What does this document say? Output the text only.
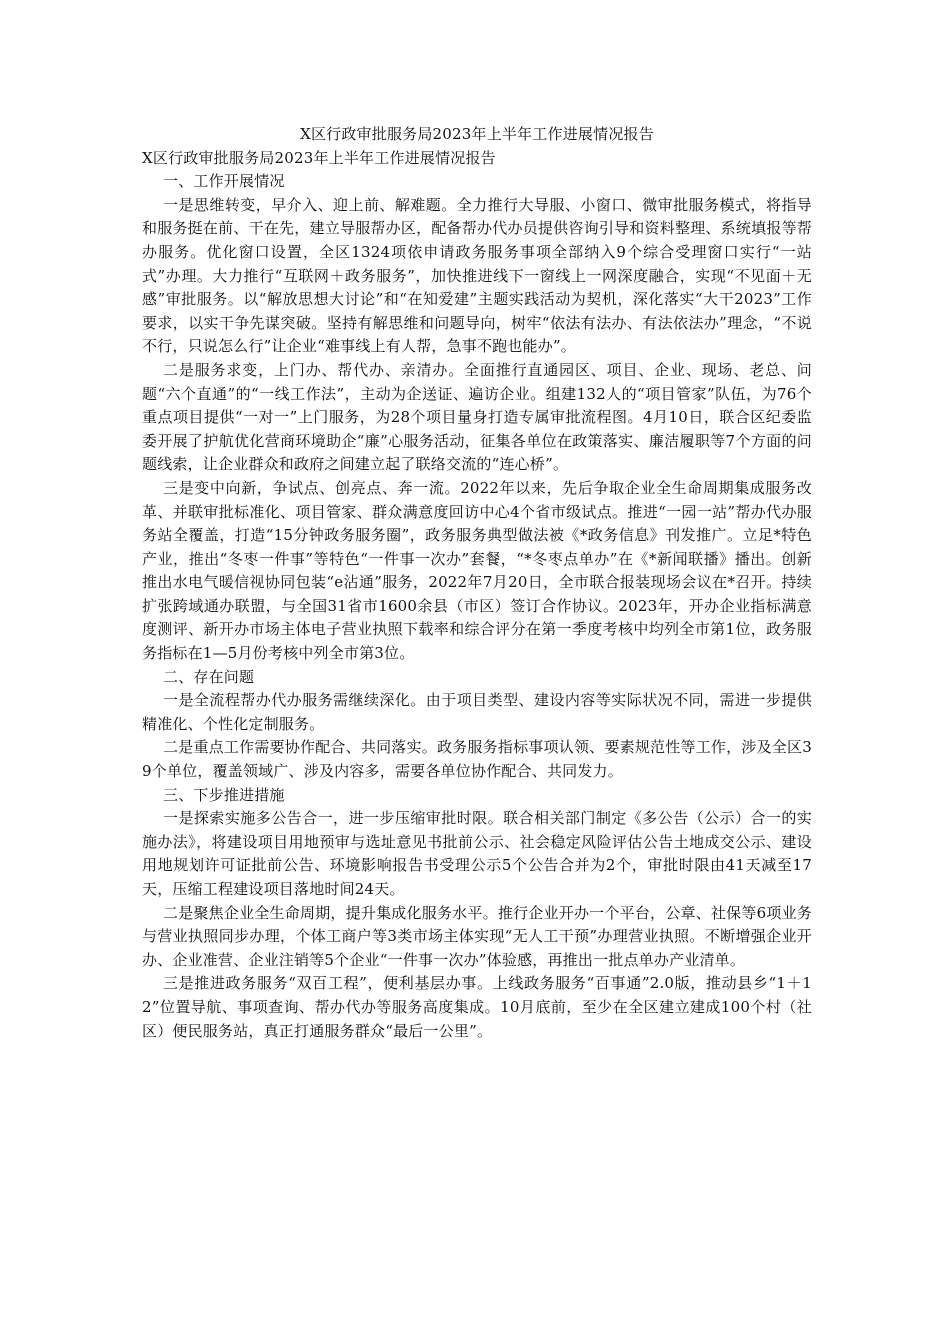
X区行政审批服务局2023年上半年工作进展情况报告

X区行政审批服务局2023年上半年工作进展情况报告

一、工作开展情况

一是思维转变，早介入、迎上前、解难题。全力推行大导服、小窗口、微审批服务模式，将指导和服务挺在前、干在先，建立导服帮办区，配备帮办代办员提供咨询引导和资料整理、系统填报等帮办服务。优化窗口设置，全区1324项依申请政务服务事项全部纳入9个综合受理窗口实行“一站式”办理。大力推行“互联网＋政务服务”，加快推进线下一窗线上一网深度融合，实现“不见面＋无感”审批服务。以“解放思想大讨论”和“在知爱建”主题实践活动为契机，深化落实“大干2023”工作要求，以实干争先谋突破。坚持有解思维和问题导向，树牢“依法有法办、有法依法办”理念，“不说不行，只说怎么行”让企业“难事线上有人帮，急事不跑也能办”。

二是服务求变，上门办、帮代办、亲清办。全面推行直通园区、项目、企业、现场、老总、问题“六个直通”的“一线工作法”，主动为企送证、遍访企业。组建132人的“项目管家”队伍，为76个重点项目提供“一对一”上门服务，为28个项目量身打造专属审批流程图。4月10日，联合区纪委监委开展了护航优化营商环境助企“廉”心服务活动，征集各单位在政策落实、廉洁履职等7个方面的问题线索，让企业群众和政府之间建立起了联络交流的“连心桥”。

三是变中向新，争试点、创亮点、奔一流。2022年以来，先后争取企业全生命周期集成服务改革、并联审批标准化、项目管家、群众满意度回访中心4个省市级试点。推进“一园一站”帮办代办服务站全覆盖，打造“15分钟政务服务圈”，政务服务典型做法被《*政务信息》刊发推广。立足*特色产业，推出“冬枣一件事”等特色“一件事一次办”套餐，“*冬枣点单办”在《*新闻联播》播出。创新推出水电气暖信视协同包装“e沾通”服务，2022年7月20日，全市联合报装现场会议在*召开。持续扩张跨域通办联盟，与全国31省市1600余县（市区）签订合作协议。2023年，开办企业指标满意度测评、新开办市场主体电子营业执照下载率和综合评分在第一季度考核中均列全市第1位，政务服务指标在1—5月份考核中列全市第3位。

二、存在问题

一是全流程帮办代办服务需继续深化。由于项目类型、建设内容等实际状况不同，需进一步提供精准化、个性化定制服务。

二是重点工作需要协作配合、共同落实。政务服务指标事项认领、要素规范性等工作，涉及全区39个单位，覆盖领域广、涉及内容多，需要各单位协作配合、共同发力。

三、下步推进措施

一是探索实施多公告合一，进一步压缩审批时限。联合相关部门制定《多公告（公示）合一的实施办法》，将建设项目用地预审与选址意见书批前公示、社会稳定风险评估公告土地成交公示、建设用地规划许可证批前公告、环境影响报告书受理公示5个公告合并为2个，审批时限由41天减至17天，压缩工程建设项目落地时间24天。

二是聚焦企业全生命周期，提升集成化服务水平。推行企业开办一个平台，公章、社保等6项业务与营业执照同步办理，个体工商户等3类市场主体实现“无人工干预”办理营业执照。不断增强企业开办、企业准营、企业注销等5个企业“一件事一次办”体验感，再推出一批点单办产业清单。

三是推进政务服务“双百工程”，便利基层办事。上线政务服务“百事通”2.0版，推动县乡“1＋12”位置导航、事项查询、帮办代办等服务高度集成。10月底前，至少在全区建立建成100个村（社区）便民服务站，真正打通服务群众“最后一公里”。
